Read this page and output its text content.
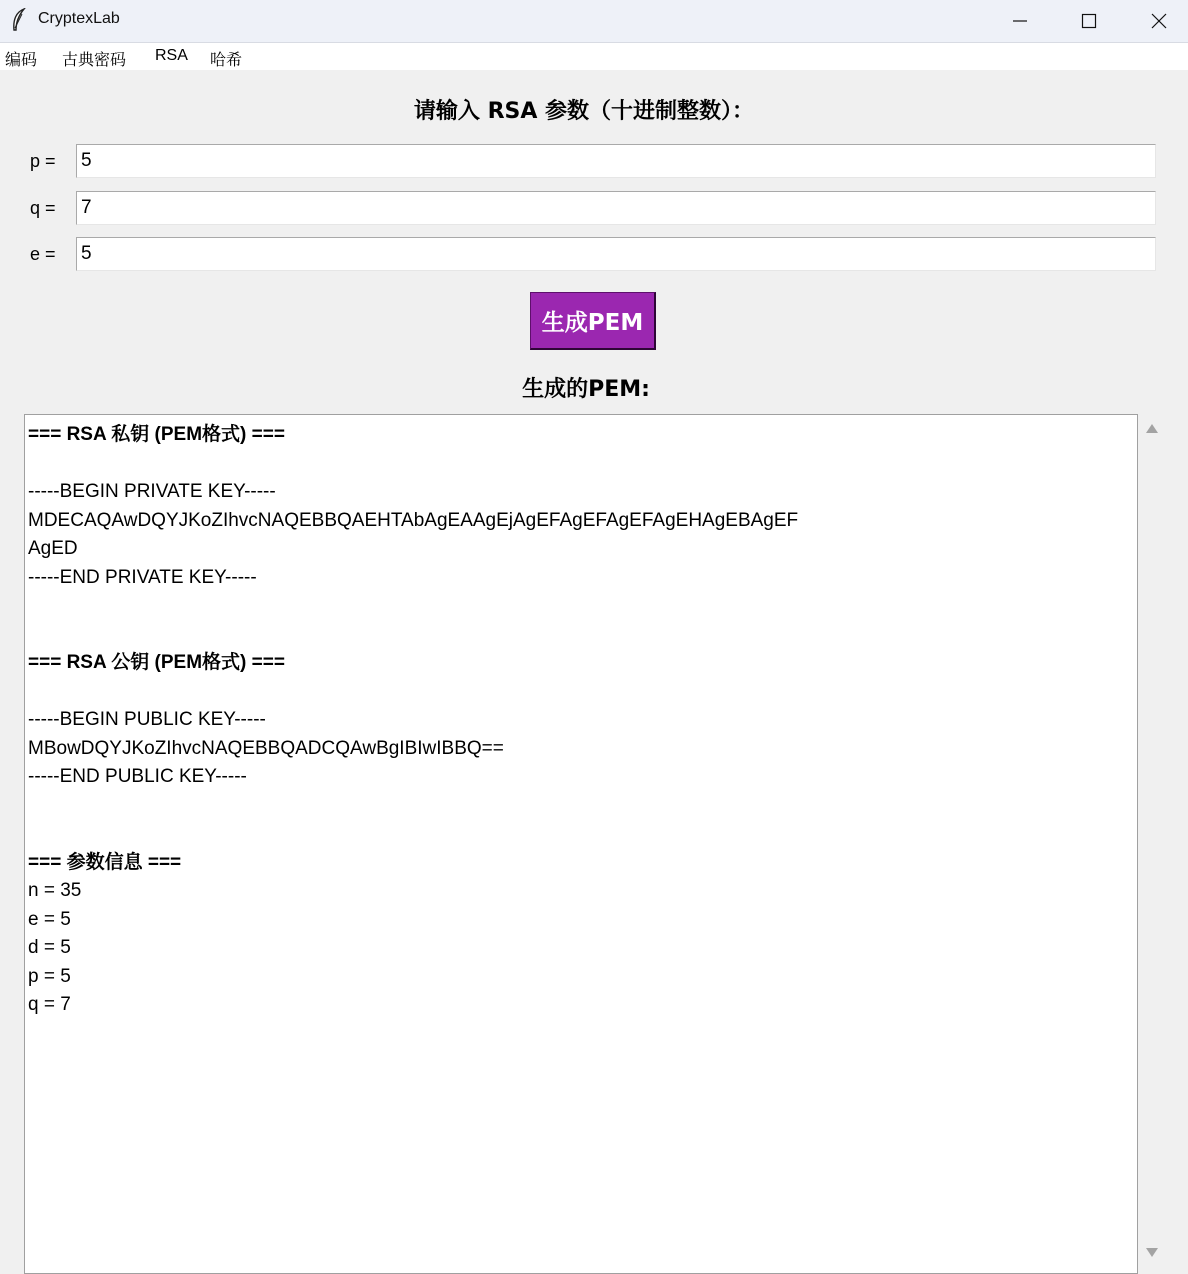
CryptexLab
编码 古典密码 RSA 哈希
请输入 RSA 参数（十进制整数）：
p =
5
q =
7
e =
5
生成PEM
生成的PEM:
=== RSA 私钥 (PEM格式) ===
-----BEGIN PRIVATE KEY-----
MDECAQAwDQYJKoZIhvcNAQEBBQAEHTAbAgEAAgEjAgEFAgEFAgEFAgEHAgEBAgEF
AgED
-----END PRIVATE KEY-----
=== RSA 公钥 (PEM格式) ===
-----BEGIN PUBLIC KEY-----
MBowDQYJKoZIhvcNAQEBBQADCQAwBgIBIwIBBQ==
-----END PUBLIC KEY-----
=== 参数信息 ===
n = 35
e = 5
d = 5
p = 5
q = 7
